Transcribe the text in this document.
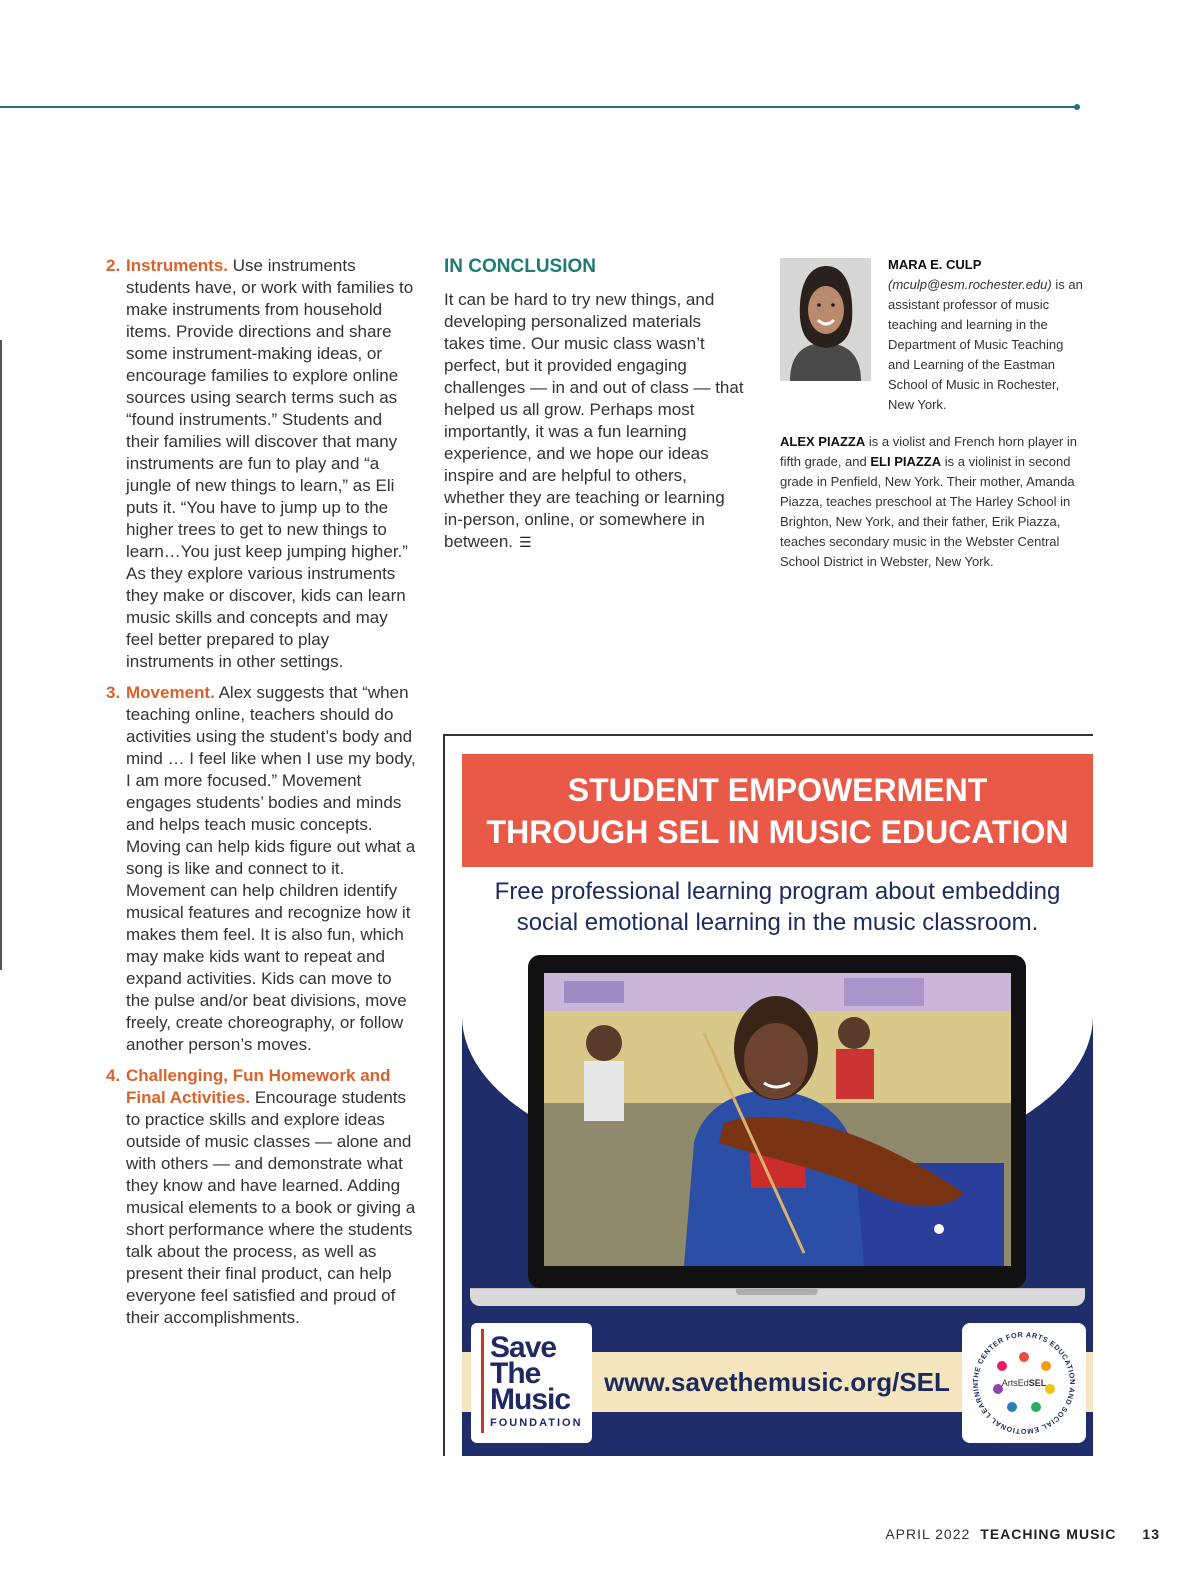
2. Instruments. Use instruments students have, or work with families to make instruments from household items. Provide directions and share some instrument-making ideas, or encourage families to explore online sources using search terms such as “found instruments.” Students and their families will discover that many instruments are fun to play and “a jungle of new things to learn,” as Eli puts it. “You have to jump up to the higher trees to get to new things to learn…You just keep jumping higher.” As they explore various instruments they make or discover, kids can learn music skills and concepts and may feel better prepared to play instruments in other settings.
3. Movement. Alex suggests that “when teaching online, teachers should do activities using the student’s body and mind … I feel like when I use my body, I am more focused.” Movement engages students’ bodies and minds and helps teach music concepts. Moving can help kids figure out what a song is like and connect to it. Movement can help children identify musical features and recognize how it makes them feel. It is also fun, which may make kids want to repeat and expand activities. Kids can move to the pulse and/or beat divisions, move freely, create choreography, or follow another person’s moves.
4. Challenging, Fun Homework and Final Activities. Encourage students to practice skills and explore ideas outside of music classes — alone and with others — and demonstrate what they know and have learned. Adding musical elements to a book or giving a short performance where the students talk about the process, as well as present their final product, can help everyone feel satisfied and proud of their accomplishments.
IN CONCLUSION

It can be hard to try new things, and developing personalized materials takes time. Our music class wasn’t perfect, but it provided engaging challenges — in and out of class — that helped us all grow. Perhaps most importantly, it was a fun learning experience, and we hope our ideas inspire and are helpful to others, whether they are teaching or learning in-person, online, or somewhere in between. ☰

MARA E. CULP (mculp@esm.rochester.edu) is an assistant professor of music teaching and learning in the Department of Music Teaching and Learning of the Eastman School of Music in Rochester, New York.

ALEX PIAZZA is a violist and French horn player in fifth grade, and ELI PIAZZA is a violinist in second grade in Penfield, New York. Their mother, Amanda Piazza, teaches preschool at The Harley School in Brighton, New York, and their father, Erik Piazza, teaches secondary music in the Webster Central School District in Webster, New York.

STUDENT EMPOWERMENT
THROUGH SEL IN MUSIC EDUCATION

Free professional learning program about embedding social emotional learning in the music classroom.

www.savethemusic.org/SEL
Save
The
Music
FOUNDATION
THE CENTER FOR ARTS EDUCATION AND SOCIAL EMOTIONAL LEARNIN	ArtsEdSEL
APRIL 2022 TEACHING MUSIC 13
